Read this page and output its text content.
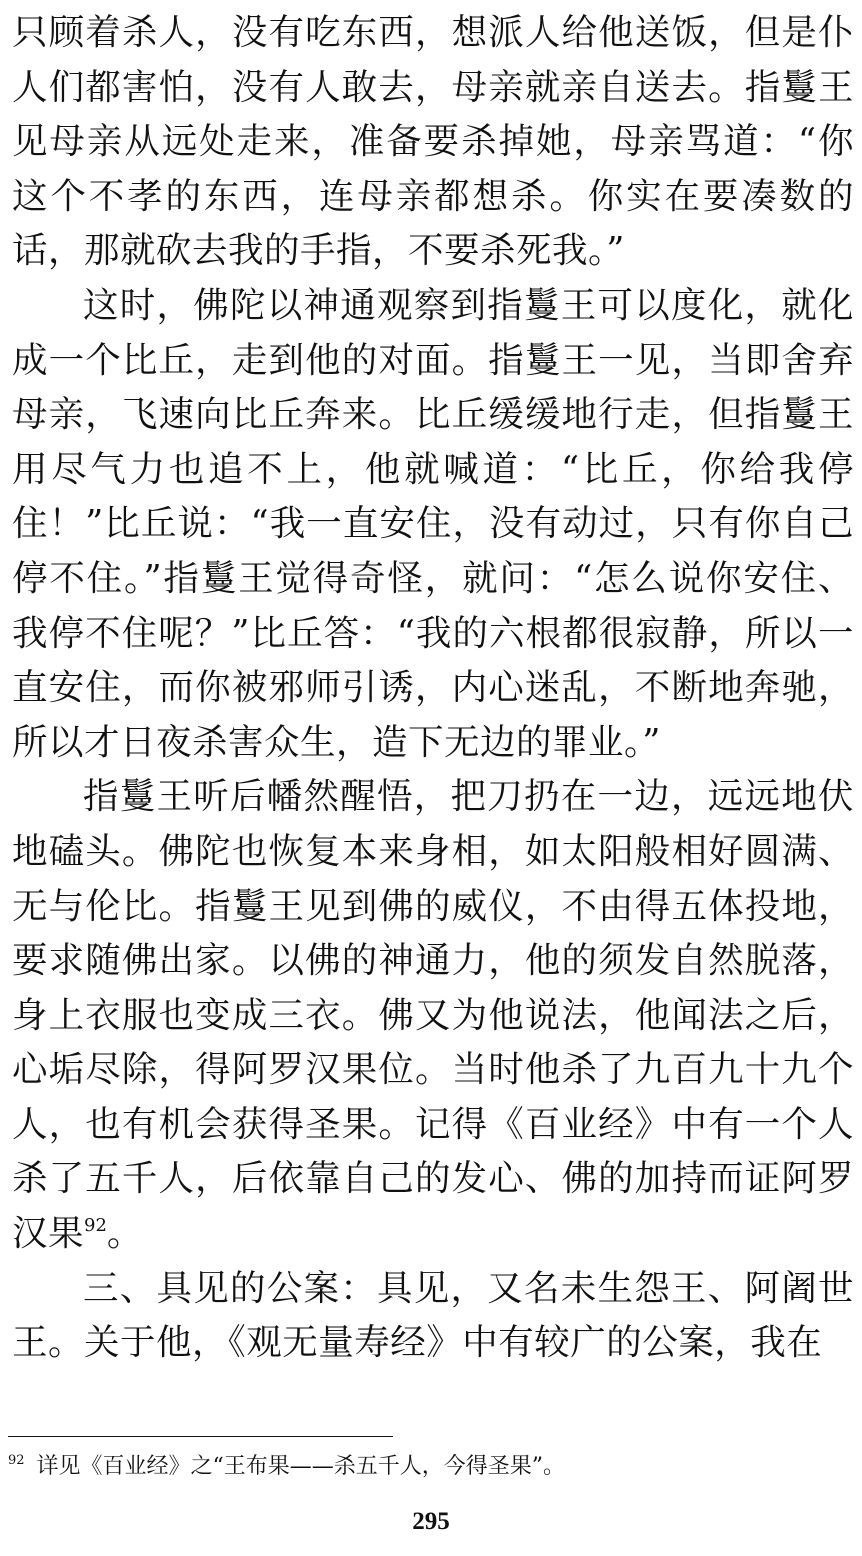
只顾着杀人，没有吃东西，想派人给他送饭，但是仆人们都害怕，没有人敢去，母亲就亲自送去。指鬘王见母亲从远处走来，准备要杀掉她，母亲骂道：“你这个不孝的东西，连母亲都想杀。你实在要凑数的话，那就砍去我的手指，不要杀死我。”

这时，佛陀以神通观察到指鬘王可以度化，就化成一个比丘，走到他的对面。指鬘王一见，当即舍弃母亲，飞速向比丘奔来。比丘缓缓地行走，但指鬘王用尽气力也追不上，他就喊道：“比丘，你给我停住！”比丘说：“我一直安住，没有动过，只有你自己停不住。”指鬘王觉得奇怪，就问：“怎么说你安住、我停不住呢？”比丘答：“我的六根都很寂静，所以一直安住，而你被邪师引诱，内心迷乱，不断地奔驰，所以才日夜杀害众生，造下无边的罪业。”

指鬘王听后幡然醒悟，把刀扔在一边，远远地伏地磕头。佛陀也恢复本来身相，如太阳般相好圆满、无与伦比。指鬘王见到佛的威仪，不由得五体投地，要求随佛出家。以佛的神通力，他的须发自然脱落，身上衣服也变成三衣。佛又为他说法，他闻法之后，心垢尽除，得阿罗汉果位。当时他杀了九百九十九个人，也有机会获得圣果。记得《百业经》中有一个人杀了五千人，后依靠自己的发心、佛的加持而证阿罗汉果$^{92}$。

三、具见的公案：具见，又名未生怨王、阿阇世王。关于他，《观无量寿经》中有较广的公案，我在

$^{92}$ 详见《百业经》之“王布果——杀五千人，今得圣果”。
295
